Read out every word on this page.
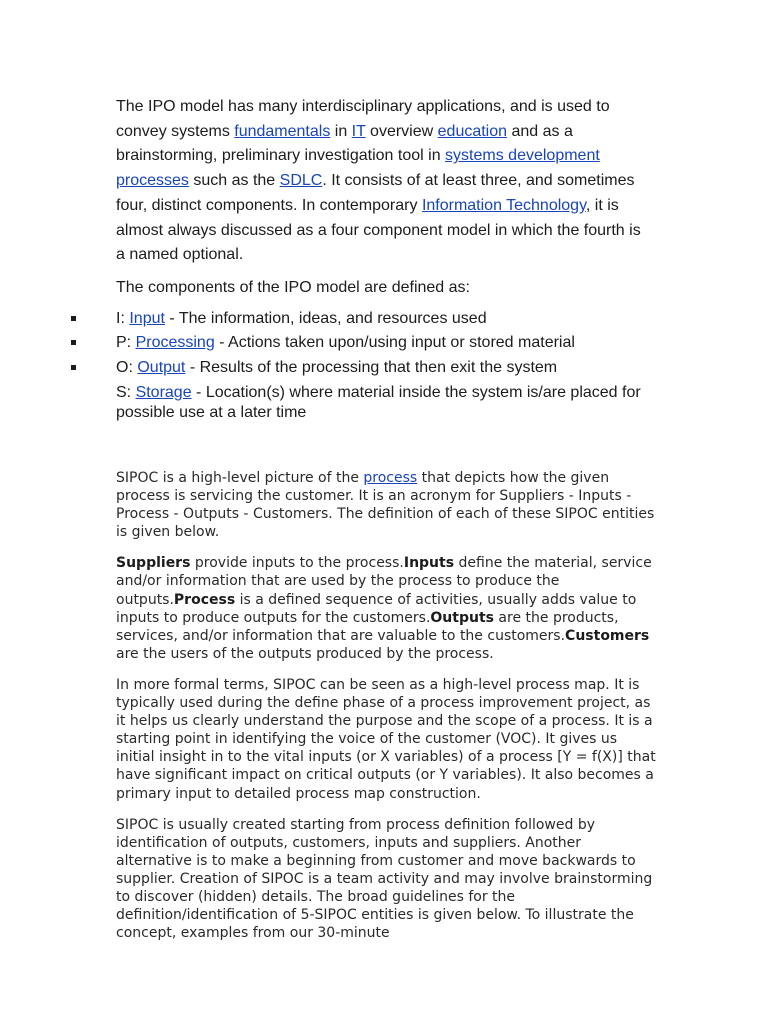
The IPO model has many interdisciplinary applications, and is used to convey systems fundamentals in IT overview education and as a brainstorming, preliminary investigation tool in systems development processes such as the SDLC. It consists of at least three, and sometimes four, distinct components. In contemporary Information Technology, it is almost always discussed as a four component model in which the fourth is a named optional.

The components of the IPO model are defined as:

I: Input - The information, ideas, and resources used
P: Processing - Actions taken upon/using input or stored material
O: Output - Results of the processing that then exit the system
S: Storage - Location(s) where material inside the system is/are placed for possible use at a later time

SIPOC is a high-level picture of the process that depicts how the given process is servicing the customer. It is an acronym for Suppliers - Inputs - Process - Outputs - Customers. The definition of each of these SIPOC entities is given below.

Suppliers provide inputs to the process.Inputs define the material, service and/or information that are used by the process to produce the outputs.Process is a defined sequence of activities, usually adds value to inputs to produce outputs for the customers.Outputs are the products, services, and/or information that are valuable to the customers.Customers are the users of the outputs produced by the process.

In more formal terms, SIPOC can be seen as a high-level process map. It is typically used during the define phase of a process improvement project, as it helps us clearly understand the purpose and the scope of a process. It is a starting point in identifying the voice of the customer (VOC). It gives us initial insight in to the vital inputs (or X variables) of a process [Y = f(X)] that have significant impact on critical outputs (or Y variables). It also becomes a primary input to detailed process map construction.

SIPOC is usually created starting from process definition followed by identification of outputs, customers, inputs and suppliers. Another alternative is to make a beginning from customer and move backwards to supplier. Creation of SIPOC is a team activity and may involve brainstorming to discover (hidden) details. The broad guidelines for the definition/identification of 5-SIPOC entities is given below. To illustrate the concept, examples from our 30-minute
